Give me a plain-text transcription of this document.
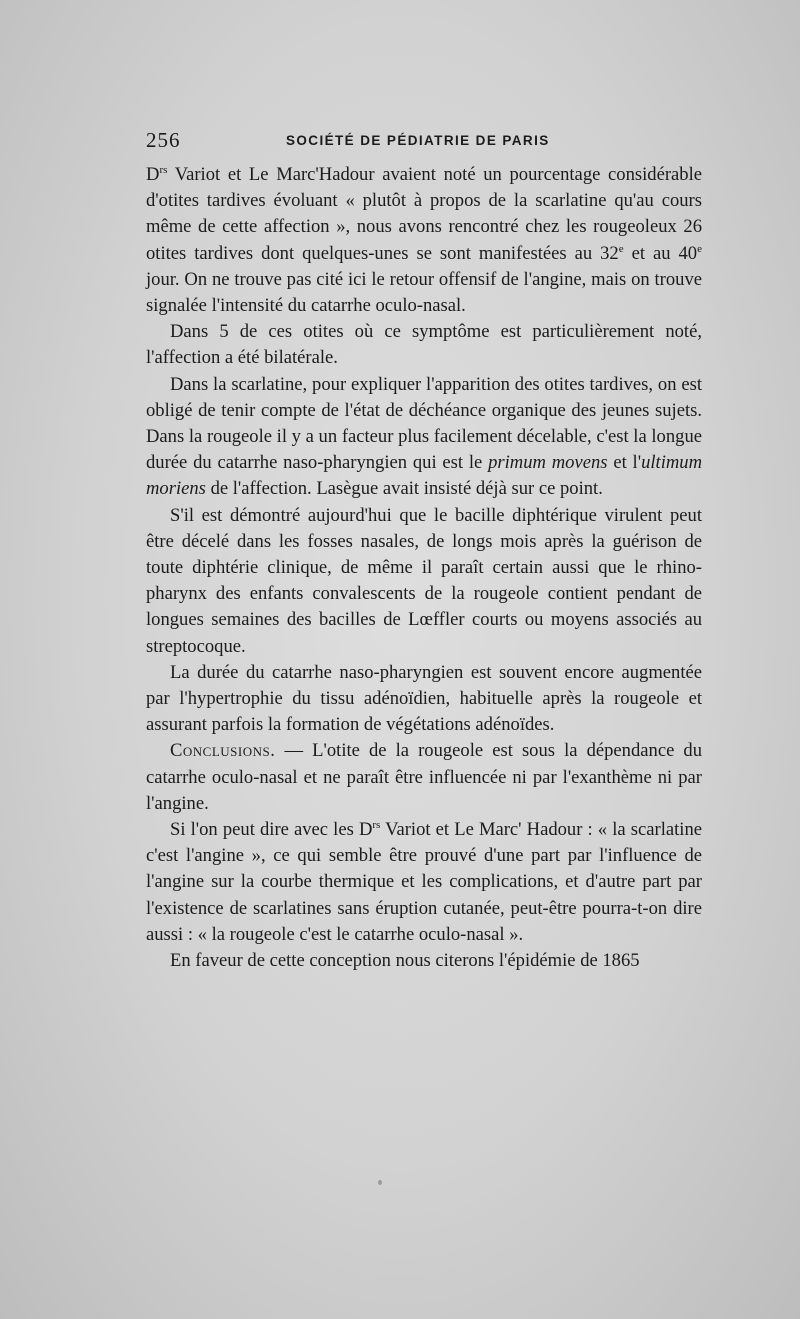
256	SOCIÉTÉ DE PÉDIATRIE DE PARIS

$D^{rs}$ Variot et Le Marc'Hadour avaient noté un pourcentage considérable d'otites tardives évoluant « plutôt à propos de la scarlatine qu'au cours même de cette affection », nous avons rencontré chez les rougeoleux 26 otites tardives dont quelques-unes se sont manifestées au 32e et au 40e jour. On ne trouve pas cité ici le retour offensif de l'angine, mais on trouve signalée l'intensité du catarrhe oculo-nasal.

Dans 5 de ces otites où ce symptôme est particulièrement noté, l'affection a été bilatérale.

Dans la scarlatine, pour expliquer l'apparition des otites tardives, on est obligé de tenir compte de l'état de déchéance organique des jeunes sujets. Dans la rougeole il y a un facteur plus facilement décelable, c'est la longue durée du catarrhe naso-pharyngien qui est le primum movens et l'ultimum moriens de l'affection. Lasègue avait insisté déjà sur ce point.

S'il est démontré aujourd'hui que le bacille diphtérique virulent peut être décelé dans les fosses nasales, de longs mois après la guérison de toute diphtérie clinique, de même il paraît certain aussi que le rhino-pharynx des enfants convalescents de la rougeole contient pendant de longues semaines des bacilles de Lœffler courts ou moyens associés au streptocoque.

La durée du catarrhe naso-pharyngien est souvent encore augmentée par l'hypertrophie du tissu adénoïdien, habituelle après la rougeole et assurant parfois la formation de végétations adénoïdes.

Conclusions. — L'otite de la rougeole est sous la dépendance du catarrhe oculo-nasal et ne paraît être influencée ni par l'exanthème ni par l'angine.

Si l'on peut dire avec les $D^{rs}$ Variot et Le Marc' Hadour : « la scarlatine c'est l'angine », ce qui semble être prouvé d'une part par l'influence de l'angine sur la courbe thermique et les complications, et d'autre part par l'existence de scarlatines sans éruption cutanée, peut-être pourra-t-on dire aussi : « la rougeole c'est le catarrhe oculo-nasal ».

En faveur de cette conception nous citerons l'épidémie de 1865
